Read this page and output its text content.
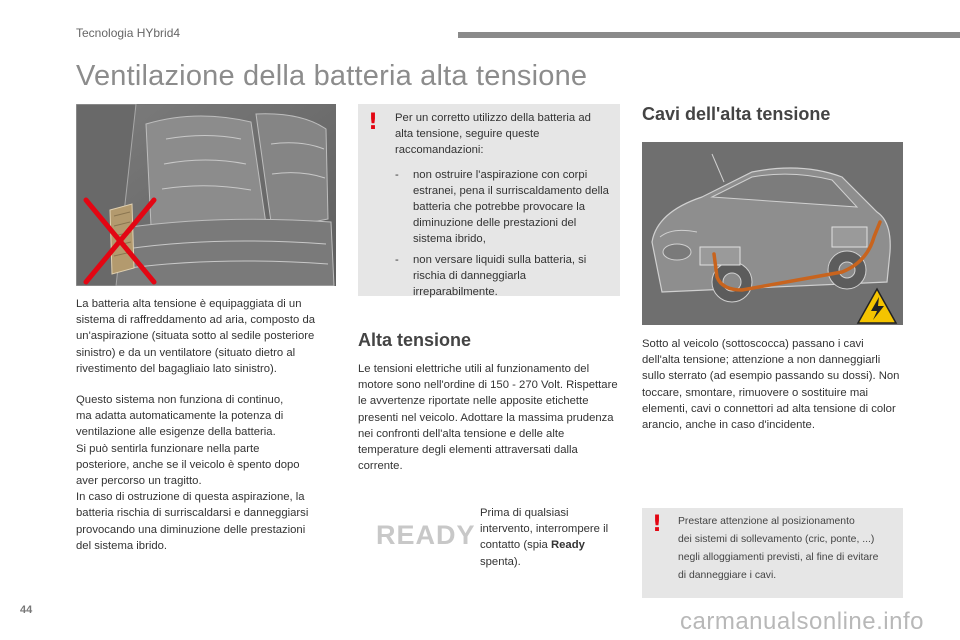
Tecnologia HYbrid4
Ventilazione della batteria alta tensione

La batteria alta tensione è equipaggiata di un sistema di raffreddamento ad aria, composto da un'aspirazione (situata sotto al sedile posteriore sinistro) e da un ventilatore (situato dietro al rivestimento del bagagliaio lato sinistro).

Questo sistema non funziona di continuo,

ma adatta automaticamente la potenza di

ventilazione alle esigenze della batteria.

Si può sentirla funzionare nella parte

posteriore, anche se il veicolo è spento dopo

aver percorso un tragitto.

In caso di ostruzione di questa aspirazione, la

batteria rischia di surriscaldarsi e danneggiarsi

provocando una diminuzione delle prestazioni

del sistema ibrido.

! Per un corretto utilizzo della batteria ad alta tensione, seguire queste raccomandazioni:
-	non ostruire l'aspirazione con corpi estranei, pena il surriscaldamento della batteria che potrebbe provocare la diminuzione delle prestazioni del sistema ibrido,
-	non versare liquidi sulla batteria, si rischia di danneggiarla irreparabilmente.
Alta tensione
Le tensioni elettriche utili al funzionamento del motore sono nell'ordine di 150 - 270 Volt. Rispettare le avvertenze riportate nelle apposite etichette presenti nel veicolo. Adottare la massima prudenza nei confronti dell'alta tensione e delle alte temperature degli elementi attraversati dalla corrente.
READY
Prima di qualsiasi intervento, interrompere il contatto (spia Ready
spenta).
Cavi dell'alta tensione
Sotto al veicolo (sottoscocca) passano i cavi dell'alta tensione; attenzione a non danneggiarli sullo sterrato (ad esempio passando su dossi). Non toccare, smontare, rimuovere o sostituire mai elementi, cavi o connettori ad alta tensione di color arancio, anche in caso d'incidente.
! Prestare attenzione al posizionamento
dei sistemi di sollevamento (cric, ponte, ...)
negli alloggiamenti previsti, al fine di evitare
di danneggiare i cavi.
44	carmanualsonline.info
